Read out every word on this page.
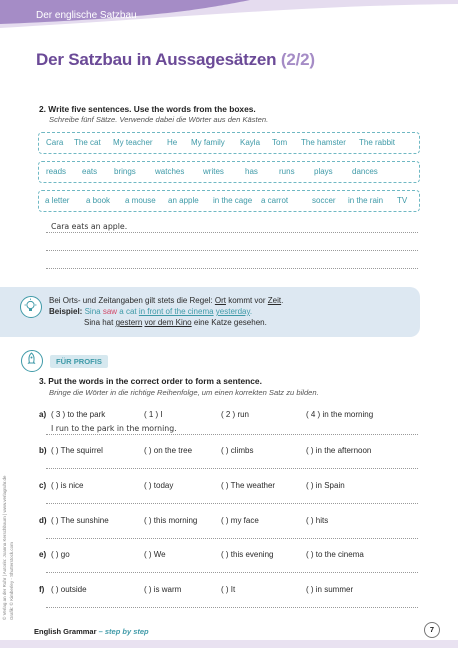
Der englische Satzbau
Der Satzbau in Aussagesätzen (2/2)
2. Write five sentences. Use the words from the boxes.
Schreibe fünf Sätze. Verwende dabei die Wörter aus den Kästen.
Cara The cat My teacher He My family Kayla Tom The hamster The rabbit
reads eats brings watches writes	has	runs plays dances
a letter a book a mouse an apple in the cage a carrot	soccer in the rain TV
Cara eats an apple.
Bei Orts- und Zeitangaben gilt stets die Regel: Ort kommt vor Zeit.
Beispiel: Sina saw a cat in front of the cinema yesterday.
Sina hat gestern vor dem Kino eine Katze gesehen.
FÜR PROFIS
3. Put the words in the correct order to form a sentence.
Bringe die Wörter in die richtige Reihenfolge, um einen korrekten Satz zu bilden.
a) ( 3 ) to the park	( 1 ) I	( 2 ) run	( 4 ) in the morning
I run to the park in the morning.
b) ( ) The squirrel	( ) on the tree	( ) climbs	( ) in the afternoon
c) ( ) is nice	( ) today	( ) The weather	( ) in Spain
d) ( ) The sunshine	( ) this morning	( ) my face	( ) hits
e) ( ) go	( ) We	( ) this evening	( ) to the cinema
f) ( ) outside	( ) is warm	( ) It	( ) in summer
© Verlag an der Ruhr | Autorin: Joanna Kerschbaum | www.verlagruhr.de Grafik: © Kimberley - Shutterstock.com
English Grammar – step by step	7
